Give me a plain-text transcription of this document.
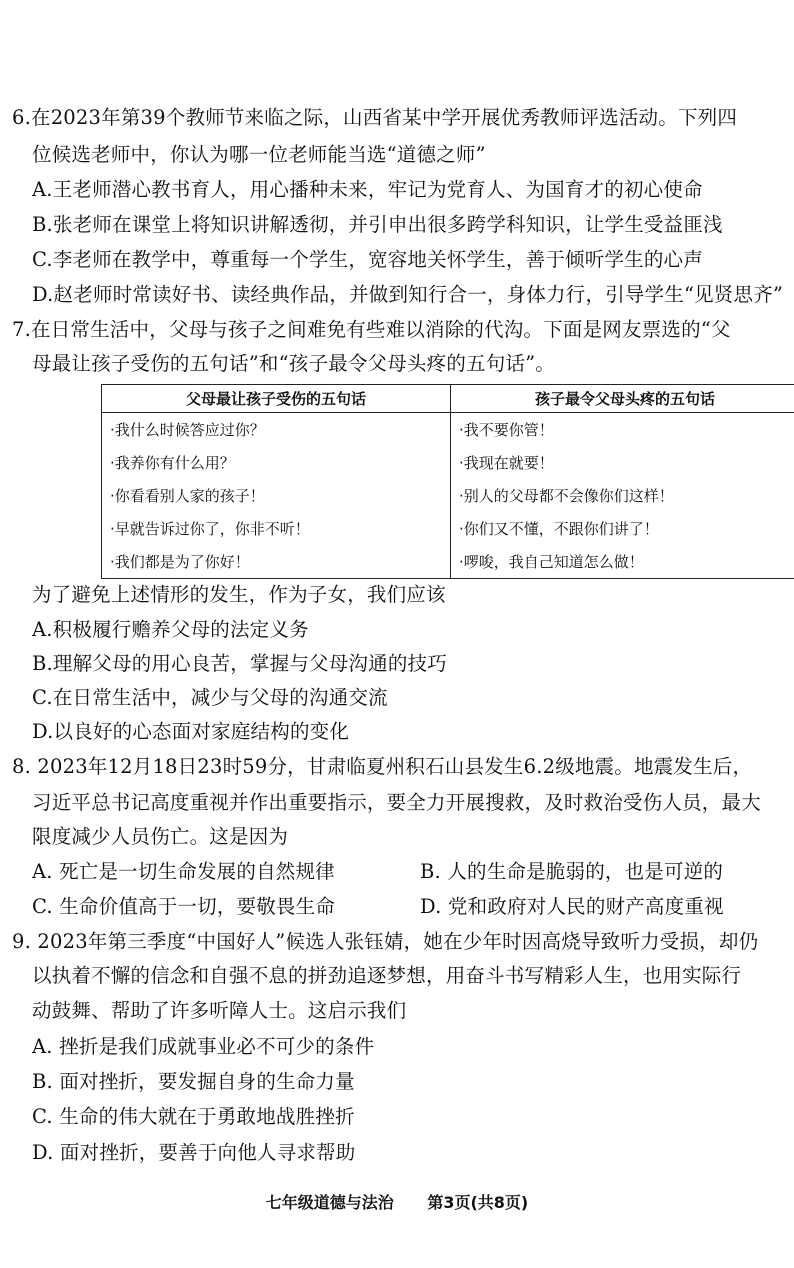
6.在2023年第39个教师节来临之际，山西省某中学开展优秀教师评选活动。下列四
位候选老师中，你认为哪一位老师能当选“道德之师”
A.王老师潜心教书育人，用心播种未来，牢记为党育人、为国育才的初心使命
B.张老师在课堂上将知识讲解透彻，并引申出很多跨学科知识，让学生受益匪浅
C.李老师在教学中，尊重每一个学生，宽容地关怀学生，善于倾听学生的心声
D.赵老师时常读好书、读经典作品，并做到知行合一，身体力行，引导学生“见贤思齐”
7.在日常生活中，父母与孩子之间难免有些难以消除的代沟。下面是网友票选的“父
母最让孩子受伤的五句话”和“孩子最令父母头疼的五句话”。
父母最让孩子受伤的五句话	孩子最令父母头疼的五句话
·我什么时候答应过你？	·我不要你管！
·我养你有什么用？	·我现在就要！
·你看看别人家的孩子！	·别人的父母都不会像你们这样！
·早就告诉过你了，你非不听！	·你们又不懂，不跟你们讲了！
·我们都是为了你好！	·啰唆，我自己知道怎么做！
为了避免上述情形的发生，作为子女，我们应该
A.积极履行赡养父母的法定义务
B.理解父母的用心良苦，掌握与父母沟通的技巧
C.在日常生活中，减少与父母的沟通交流
D.以良好的心态面对家庭结构的变化
8. 2023年12月18日23时59分，甘肃临夏州积石山县发生6.2级地震。地震发生后，
习近平总书记高度重视并作出重要指示，要全力开展搜救，及时救治受伤人员，最大
限度减少人员伤亡。这是因为
A. 死亡是一切生命发展的自然规律	B. 人的生命是脆弱的，也是可逆的
C. 生命价值高于一切，要敬畏生命	D. 党和政府对人民的财产高度重视
9. 2023年第三季度“中国好人”候选人张钰婧，她在少年时因高烧导致听力受损，却仍
以执着不懈的信念和自强不息的拼劲追逐梦想，用奋斗书写精彩人生，也用实际行
动鼓舞、帮助了许多听障人士。这启示我们
A. 挫折是我们成就事业必不可少的条件
B. 面对挫折，要发掘自身的生命力量
C. 生命的伟大就在于勇敢地战胜挫折
D. 面对挫折，要善于向他人寻求帮助
七年级道德与法治 第3页(共8页)
